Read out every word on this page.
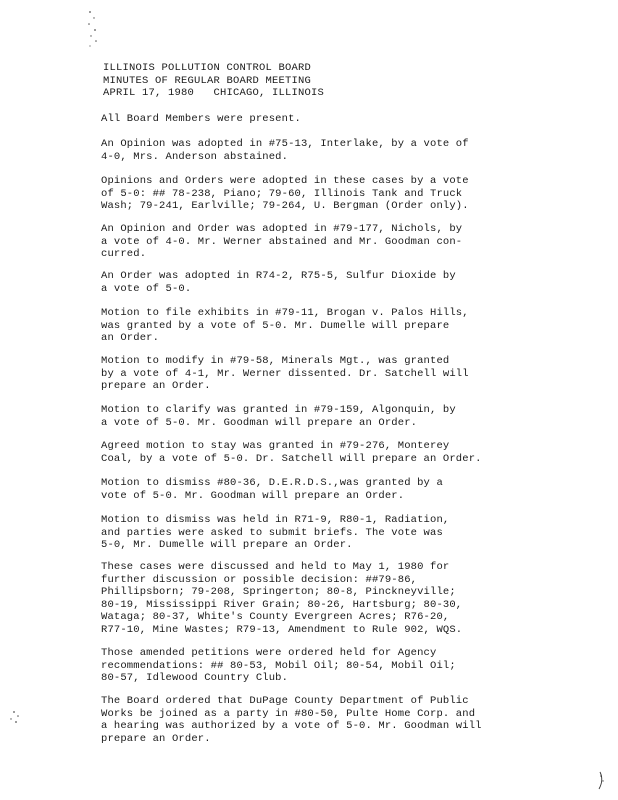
ILLINOIS POLLUTION CONTROL BOARD
MINUTES OF REGULAR BOARD MEETING
APRIL 17, 1980   CHICAGO, ILLINOIS
All Board Members were present.
An Opinion was adopted in #75-13, Interlake, by a vote of
4-0, Mrs. Anderson abstained.
Opinions and Orders were adopted in these cases by a vote
of 5-0: ## 78-238, Piano; 79-60, Illinois Tank and Truck
Wash; 79-241, Earlville; 79-264, U. Bergman (Order only).
An Opinion and Order was adopted in #79-177, Nichols, by
a vote of 4-0. Mr. Werner abstained and Mr. Goodman con-
curred.
An Order was adopted in R74-2, R75-5, Sulfur Dioxide by
a vote of 5-0.
Motion to file exhibits in #79-11, Brogan v. Palos Hills,
was granted by a vote of 5-0. Mr. Dumelle will prepare
an Order.
Motion to modify in #79-58, Minerals Mgt., was granted
by a vote of 4-1, Mr. Werner dissented. Dr. Satchell will
prepare an Order.
Motion to clarify was granted in #79-159, Algonquin, by
a vote of 5-0. Mr. Goodman will prepare an Order.
Agreed motion to stay was granted in #79-276, Monterey
Coal, by a vote of 5-0. Dr. Satchell will prepare an Order.
Motion to dismiss #80-36, D.E.R.D.S.,was granted by a
vote of 5-0. Mr. Goodman will prepare an Order.
Motion to dismiss was held in R71-9, R80-1, Radiation,
and parties were asked to submit briefs. The vote was
5-0, Mr. Dumelle will prepare an Order.
These cases were discussed and held to May 1, 1980 for
further discussion or possible decision: ##79-86,
Phillipsborn; 79-208, Springerton; 80-8, Pinckneyville;
80-19, Mississippi River Grain; 80-26, Hartsburg; 80-30,
Wataga; 80-37, White's County Evergreen Acres; R76-20,
R77-10, Mine Wastes; R79-13, Amendment to Rule 902, WQS.
Those amended petitions were ordered held for Agency
recommendations: ## 80-53, Mobil Oil; 80-54, Mobil Oil;
80-57, Idlewood Country Club.
The Board ordered that DuPage County Department of Public
Works be joined as a party in #80-50, Pulte Home Corp. and
a hearing was authorized by a vote of 5-0. Mr. Goodman will
prepare an Order.
